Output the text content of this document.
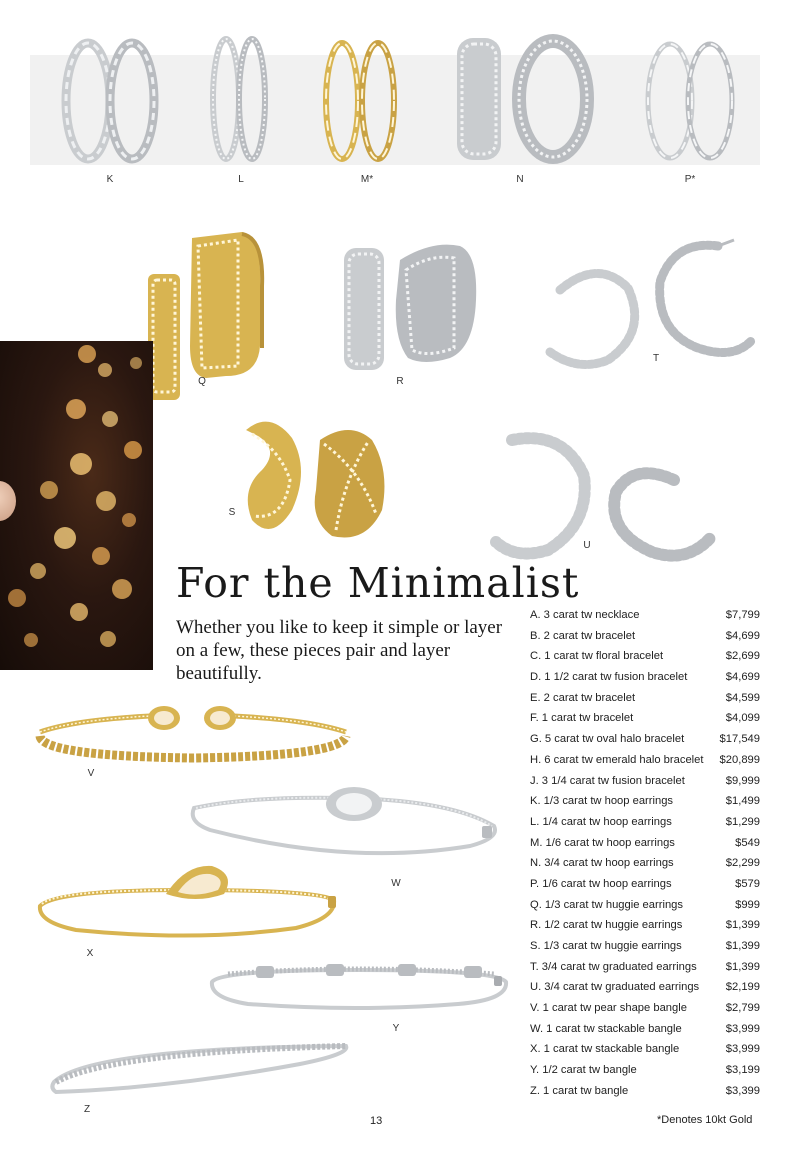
K	L	M*	N	P*
Q	R
T
S
U
For the Minimalist

Whether you like to keep it simple or layer on a few, these pieces pair and layer beautifully.

V
W
X
Y
Z
A. 3 carat tw necklace	$7,799
B. 2 carat tw bracelet	$4,699
C. 1 carat tw floral bracelet	$2,699
D. 1 1/2 carat tw fusion bracelet	$4,699
E. 2 carat tw bracelet	$4,599
F. 1 carat tw bracelet	$4,099
G. 5 carat tw oval halo bracelet	$17,549
H. 6 carat tw emerald halo bracelet $20,899
J. 3 1/4 carat tw fusion bracelet	$9,999
K. 1/3 carat tw hoop earrings	$1,499
L. 1/4 carat tw hoop earrings	$1,299
M. 1/6 carat tw hoop earrings	$549
N. 3/4 carat tw hoop earrings	$2,299
P. 1/6 carat tw hoop earrings	$579
Q. 1/3 carat tw huggie earrings	$999
R. 1/2 carat tw huggie earrings	$1,399
S. 1/3 carat tw huggie earrings	$1,399
T. 3/4 carat tw graduated earrings	$1,399
U. 3/4 carat tw graduated earrings $2,199
V. 1 carat tw pear shape bangle	$2,799
W. 1 carat tw stackable bangle	$3,999
X. 1 carat tw stackable bangle	$3,999
Y. 1/2 carat tw bangle	$3,199
Z. 1 carat tw bangle	$3,399
13	*Denotes 10kt Gold
